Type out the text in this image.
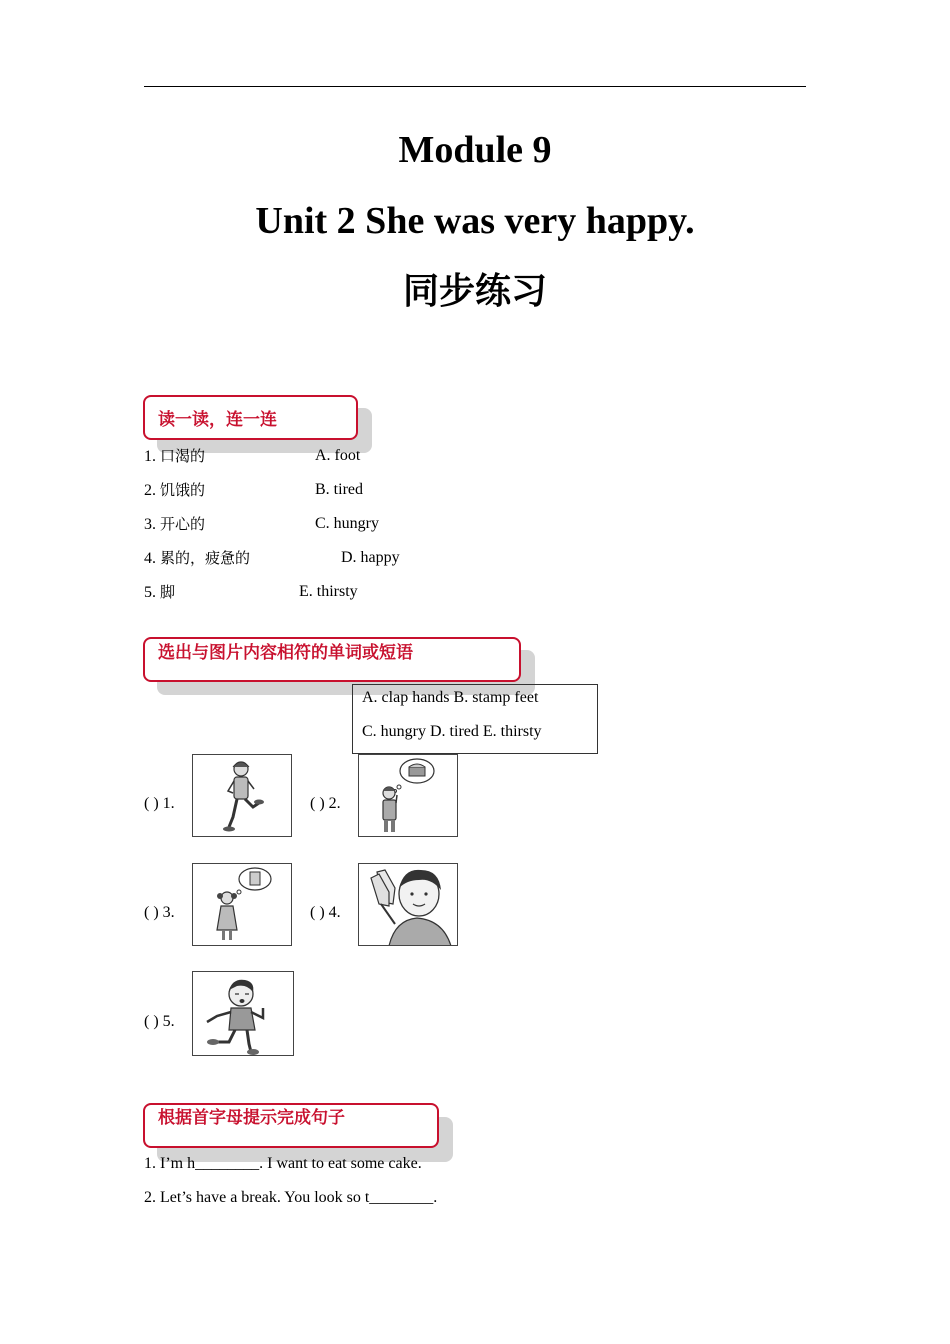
Module 9
Unit 2 She was very happy.
同步练习
读一读，连一连
1. 口渴的	A. foot
2. 饥饿的	B. tired
3. 开心的	C. hungry
4. 累的，疲惫的	D. happy
5. 脚	E. thirsty
选出与图片内容相符的单词或短语
A. clap hands B. stamp feet
C. hungry D. tired E. thirsty
( ) 1.	( ) 2.
( ) 3.	( ) 4.
( ) 5.
根据首字母提示完成句子
1. I’m h________. I want to eat some cake.
2. Let’s have a break. You look so t________.
